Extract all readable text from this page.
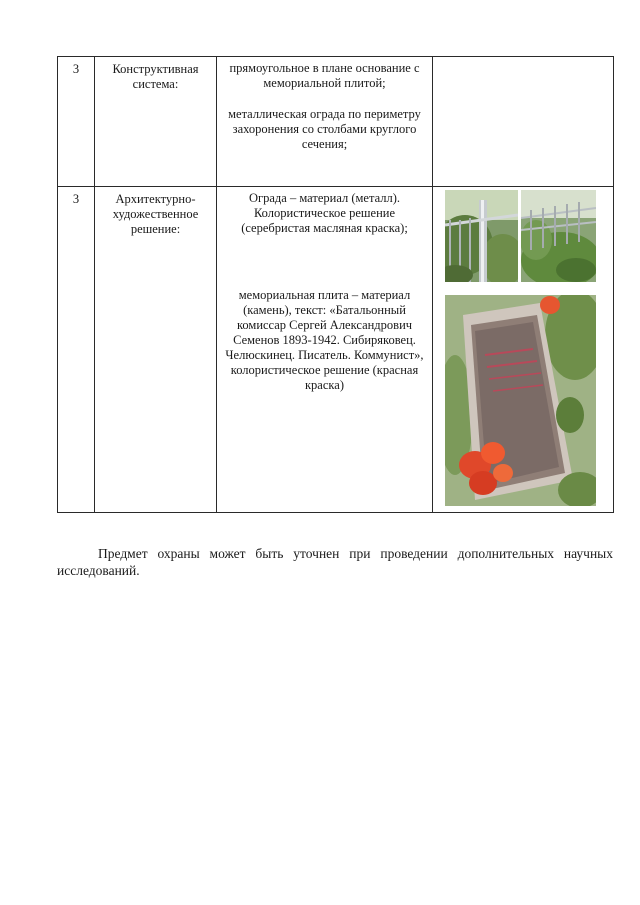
3	Конструктивная система:	прямоугольное в плане основание с мемориальной плитой;

металлическая ограда по периметру захоронения со столбами круглого сечения;	

3	Архитектурно-художественное решение:	Ограда – материал (металл). Колористическое решение (серебристая масляная краска);

мемориальная плита – материал (камень), текст: «Батальонный комиссар Сергей Александрович Семенов 1893-1942. Сибиряковец. Челюскинец. Писатель. Коммунист», колористическое решение (красная краска)

Предмет охраны может быть уточнен при проведении дополнительных научных исследований.
